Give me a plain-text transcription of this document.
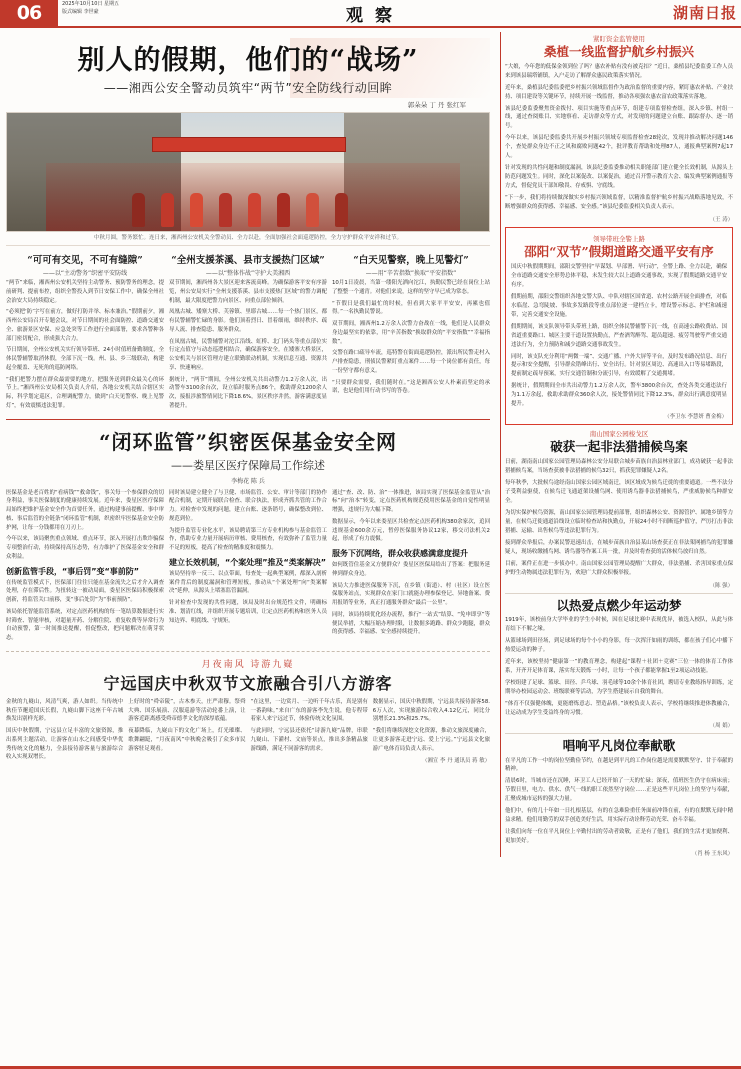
06	2025年10月10日 星期五
版式编辑 李世豪	观 察	湖南日报
别人的假期，他们的“战场”
——湘西公安全警动员筑牢“两节”安全防线行动回眸
郭朵朵 丁 丹 张红军
中秋月圆，警务繁忙。连日来，湘西州公安机关全警动员、全力以赴，全面加强社会面巡逻防控，全力守护群众平安祥和过节。
“可可有交见，不可有缝隙”
——以“主动警务”织密平安防线

“两节”来临，湘西州公安机关坚持主动警务、预防警务的理念，提前研判、提前布控，组织全警投入到节日安保工作中，确保全州社会治安大局持续稳定。

“必须把‘防’字写在前方，做好打防并举、标本兼治。”假期前夕，湘西州公安局召开专题会议，对节日期间的社会面防控、道路交通安全、旅游景区安保、应急处突等工作进行全面部署，要求各警种各部门密切配合，形成强大合力。

节日期间，全州公安机关实行领导带班、24小时值班备勤制度，全体民警辅警取消休假，全部下沉一线。州、县、乡三级联动，构建起全覆盖、无死角的巡防网络。

“我们把警力摆在群众最需要的地方，把服务送到群众最关心的环节上。”湘西州公安局相关负责人介绍，各地公安机关结合辖区实际，科学划定巡区，合理调配警力，做到“白天见警察、晚上见警灯”，有效震慑违法犯罪。

“全州支援茶溪、县市支援热门区域”
——以“整体作战”守护大美湘西

双节期间，湘西州各大景区迎来客流高峰。为确保游客平安有序游览，州公安局实行“全州支援茶溪、县市支援热门区域”的警力调配机制，最大限度把警力向景区、向重点部位倾斜。

凤凰古城、矮寨大桥、芙蓉镇、里耶古城……每一个热门景区，都有民警辅警忙碌的身影。他们顶着烈日、冒着细雨，维持秩序、疏导人流、排查隐患、服务群众。

在凤凰古城，民警辅警对沱江沿线、虹桥、北门码头等重点部位实行定点值守与动态巡逻相结合，确保游客安全。在矮寨大桥景区，公安机关与景区管理方建立联勤联动机制，实现信息互通、资源共享、快速响应。

据统计，“两节”期间，全州公安机关共出动警力1.2万余人次，出动警车3100余台次，设立临时服务点86个，救助群众1200余人次，接报涉旅警情同比下降18.6%，景区秩序井然，游客满意度显著提升。

“白天见警察，晚上见警灯”
——用“辛苦指数”换取“平安指数”

10月1日凌晨，当第一缕阳光洒向沱江，执勤民警已经在岗位上站了整整一个通宵。对他们来说，这样的坚守早已成为常态。

“节假日是我们最忙的时候，但看到大家平平安安，再累也值得。”一名执勤民警说。

双节期间，湘西州1.2万余人次警力奋战在一线，他们是人民群众身边最坚实的依靠，用“辛苦指数”换取群众的“平安指数”“幸福指数”。

交警在路口疏导车流，巡特警在街面巡逻防控，派出所民警走村入户排查隐患，刑侦民警紧盯重点案件……每一个岗位都有责任，每一份坚守都有意义。

“只要群众需要，我们随时在。”这是湘西公安人朴素而坚定的承诺，也是他们用行动书写的答卷。

“闭环监管”织密医保基金安全网
——娄星区医疗保障局工作综述
李梅花 陈 兵

医保基金是老百姓的“看病钱”“救命钱”，事关每一个参保群众的切身利益，事关医保制度的健康持续发展。近年来，娄星区医疗保障局始终把维护基金安全作为首要任务，通过构建事前提醒、事中审核、事后监管的全链条“闭环监管”机制，织密织牢医保基金安全防护网，让每一分钱都用在刀刃上。

今年以来，该局聚焦重点领域、重点环节，深入开展打击欺诈骗保专项整治行动，持续保持高压态势，有力维护了医保基金安全和群众利益。

创新监管手段，“事后罚”变“事前防”

在传统监管模式下，医保部门往往只能在基金流失之后才介入调查处理，存在滞后性。为扭转这一被动局面，娄星区医保局积极探索创新，将监管关口前移，变“事后处罚”为“事前预防”。

该局依托智能监管系统，对定点医药机构的每一笔结算数据进行实时筛查、智能审核，对超量开药、分解住院、重复收费等异常行为自动预警，第一时间推送提醒，督促整改，把问题解决在萌芽状态。

同时该局建立健全了与卫健、市场监管、公安、审计等部门的协作配合机制，定期开展联合检查、联合执法，形成齐抓共管的工作合力。对检查中发现的问题，建立台账、逐条销号，确保整改到位、规范到位。

为提升监管专业化水平，该局聘请第三方专业机构参与基金监管工作，借助专业力量开展病历审核、费用核查，有效弥补了监管力量不足的短板，提高了检查的精准度和震慑力。

建立长效机制，“个案处理”推及“类案解决”

该局坚持举一反三、以点带面，每查处一起典型案例，都深入剖析案件背后的制度漏洞和管理短板，推动从“个案处理”向“类案解决”延伸，从源头上堵塞监管漏洞。

针对检查中发现的共性问题，该局及时出台规范性文件，明确标准、划清红线，并组织开展专题培训，让定点医药机构和医务人员知边界、明底线、守规矩。

通过“查、改、防、治”一体推进，该局实现了医保基金监管从“治标”向“治本”转变，定点医药机构规范使用医保基金的自觉性明显增强，违规行为大幅下降。

数据显示，今年以来娄星区共检查定点医药机构380余家次，追回违规基金600余万元，暂停医保服务协议12家，移交司法机关2起，形成了有力震慑。

服务下沉网络，群众收获感满意度提升

如何既管住基金又方便群众？娄星区医保局给出了答案：把服务延伸到群众身边。

该局大力推进医保服务下沉，在乡镇（街道）、村（社区）设立医保服务站点，实现群众在家门口就能办理参保登记、异地备案、费用报销等业务，真正打通服务群众“最后一公里”。

同时，该局持续优化经办流程，推行“一站式”结算、“免申即享”等便民举措，大幅压缩办理时限，让数据多跑路、群众少跑腿，群众的获得感、幸福感、安全感持续提升。

月夜南风 诗游九嶷
宁远国庆中秋双节文旅融合引八方游客

金秋的九嶷山，风清气爽，游人如织。当传统中秋佳节邂逅国庆长假，九嶷山脚下这座千年古城焕发出别样光彩。

国庆中秋假期，宁远县立足丰富的文旅资源，推出系列主题活动，让游客在山水之间感受中华优秀传统文化的魅力，全县接待游客量与旅游综合收入实现双增长。

上好时的“舜帝陵”，古木参天，庄严肃穆。祭舜大典、国乐展演、汉服巡游等活动轮番上演，让游客近距离感受舜帝德孝文化的深厚底蕴。

夜幕降临，九嶷山下的文化广场上，灯光璀璨、歌舞翩跹，“月夜南风”中秋晚会吸引了众多市民游客驻足观看。

“在这里，一边赏月、一边听千年古乐，真是别有一番韵味。”来自广东的游客李先生说，他专程带着家人来宁远过节，体验传统文化氛围。

与此同时，宁远县还依托“诗游九嶷”品牌，串联九嶷山、下灌村、文庙等景点，推出多条精品旅游线路，满足不同游客的需求。

数据显示，国庆中秋假期，宁远县共接待游客58.6万人次，实现旅游综合收入4.12亿元，同比分别增长21.3%和25.7%。

“我们将继续深挖文化资源，推动文旅深度融合，让更多游客走进宁远、爱上宁远。”宁远县文化旅游广电体育局负责人表示。

（湘宣 李 丹 通讯员 蒋 敏）
紧盯资金监管使用
桑植一线监督护航乡村振兴

“大娘，今年您的低保金领到位了吗？惠农补贴有没有被克扣？”近日，桑植县纪委监委工作人员来到该县瑞塔铺镇，入户走访了解群众惠民政策落实情况。

近年来，桑植县纪委监委把乡村振兴领域监督作为政治监督的重要内容，紧盯惠农补贴、产业扶持、项目建设等关键环节，持续开展一线监督，推动各项强农惠农富农政策落实落地。

该县纪委监委聚焦资金拨付、项目实施等重点环节，组建专项监督检查组，深入乡镇、村组一线，通过查阅账目、实地察看、走访群众等方式，对发现的问题建立台账、跟踪督办、逐一销号。

今年以来，该县纪委监委共开展乡村振兴领域专项监督检查28轮次，发现并推动解决问题146个，查处群众身边不正之风和腐败问题42个，批评教育帮助和处理87人，通报典型案例7起17人。

针对发现的共性问题和制度漏洞，该县纪委监委推动相关职能部门建立健全长效机制，从源头上防范问题发生。同时，深化以案促改、以案促治，通过召开警示教育大会、编发典型案例通报等方式，督促党员干部知敬畏、存戒惧、守底线。

“下一步，我们将持续做深做实乡村振兴领域监督，以精准监督护航乡村振兴战略落地见效，不断增强群众的获得感、幸福感、安全感。”该县纪委监委相关负责人表示。

（王 涛）
领导带班全警上路
邵阳“双节”假期道路交通平安有序

国庆中秋假期期间，邵阳交警坚持“早谋划、早部署、早行动”，全警上路、全力以赴，确保全市道路交通安全形势总体平稳，未发生较大以上道路交通事故，实现了假期道路交通平安有序。

假期前期，邵阳交警组织各地交警大队、中队对辖区国省道、农村公路开展全面排查，对临水临崖、急弯陡坡、事故多发路段等重点部位逐一建档立卡，增设警示标志、护栏和减速带，完善交通安全设施。

假期期间，该支队领导带头带班上路，组织全体民警辅警下沉一线，在高速公路收费站、国省道重要路口、城区主要干道设置执勤点，严查酒驾醉驾、超员超速、疲劳驾驶等严重交通违法行为，全力预防和减少道路交通事故发生。

同时，该支队充分利用“两微一端”、交通广播、户外大屏等平台，及时发布路况信息、出行提示和安全提醒，引导群众错峰出行、安全出行。针对景区周边、高速出入口等易堵路段，提前制定疏导预案，实行交通管制和分流引导，有效缓解了交通拥堵。

据统计，假期期间全市共出动警力1.2万余人次，警车3800余台次，查处各类交通违法行为1.1万余起，救助求助群众360余人次，接处警情同比下降12.3%，群众出行满意度明显提升。

（李卫东 李慧妍 曹金梅）
南山国家公园梭戈区
破获一起非法猎捕候鸟案

日前，湖南南山国家公园管理局森林公安分局联合城步苗族自治县林业部门，成功破获一起非法猎捕候鸟案，当场查获被非法猎捕的候鸟32只，抓获犯罪嫌疑人2名。

每年秋季，大批候鸟途经南山国家公园区域南迁，该区域成为候鸟迁徙的重要通道。一些不法分子受利益驱使，在候鸟迁飞通道架设捕鸟网、使用诱鸟器非法猎捕候鸟，严重威胁候鸟种群安全。

为切实保护候鸟资源，南山国家公园管理局提前部署，组织森林公安、资源管护、属地乡镇等力量，在候鸟迁徙通道沿线设立临时检查站和执勤点，开展24小时不间断巡护值守，严厉打击非法猎捕、运输、出售候鸟等违法犯罪行为。

接到群众举报后，办案民警迅速出击，在城步苗族自治县某山场查获正在非法架网捕鸟的犯罪嫌疑人，现场收缴捕鸟网、诱鸟器等作案工具一批，并及时将查获的活体候鸟放归自然。

目前，案件正在进一步侦办中。南山国家公园管理局提醒广大群众，非法猎捕、杀害国家重点保护野生动物属违法犯罪行为，欢迎广大群众积极举报。

（陈 强）
以热爱点燃少年运动梦

1919年，该校前身大学毕业的学生小时候，因在足球比赛中表现优异，被选入校队，从此与体育结下不解之缘。

从篮球场到田径场，到足球场的每个小小的身影，每一次挥汗如雨的训练，都在孩子们心中播下热爱运动的种子。

近年来，该校坚持“健康第一”的教育理念，构建起“课程＋社团＋竞赛”三位一体的体育工作体系，开齐开足体育课，落实每天锻炼一小时，让每一个孩子都能掌握1至2项运动技能。

学校组建了足球、篮球、田径、乒乓球、羽毛球等10余个体育社团，聘请专业教练指导训练，定期举办校园运动会、班级联赛等活动，为学生搭建展示自我的舞台。

“体育不仅强健体魄，更能磨炼意志、塑造品格。”该校负责人表示，学校将继续推进体教融合，让运动成为学生受益终身的习惯。

（周 娟）
唱响平凡岗位奉献歌

在平凡的工作一中的岗位坚勤俭节约，在越是到平凡的工作岗位越是需要默默坚守、甘于奉献的精神。

清晨6时，当城市还在沉睡，环卫工人已经开始了一天的忙碌；深夜，值班医生仍守在病床前；节假日里，电力、供水、供气一线的职工依然坚守岗位……正是这些平凡岗位上的坚守与奉献，汇聚成城市运转的强大力量。

他们中，有的几十年如一日扎根基层，有的在急难险重任务面前冲锋在前，有的在默默无闻中精益求精。他们用勤劳的双手创造美好生活，用实际行动诠释劳动光荣、奋斗幸福。

让我们向每一位在平凡岗位上辛勤付出的劳动者致敬，正是有了他们，我们的生活才更加便利、更加美好。

（肖 杨 王东风）
